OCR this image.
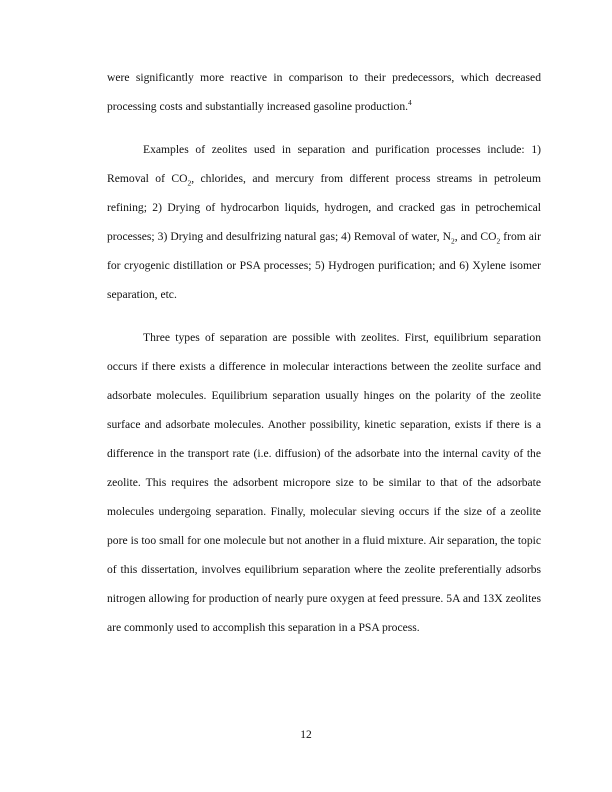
were significantly more reactive in comparison to their predecessors, which decreased processing costs and substantially increased gasoline production.$^4$

Examples of zeolites used in separation and purification processes include: 1) Removal of $CO_2$, chlorides, and mercury from different process streams in petroleum refining; 2) Drying of hydrocarbon liquids, hydrogen, and cracked gas in petrochemical processes; 3) Drying and desulfrizing natural gas; 4) Removal of water, $N_2$, and $CO_2$ from air for cryogenic distillation or PSA processes; 5) Hydrogen purification; and 6) Xylene isomer separation, etc.

Three types of separation are possible with zeolites. First, equilibrium separation occurs if there exists a difference in molecular interactions between the zeolite surface and adsorbate molecules. Equilibrium separation usually hinges on the polarity of the zeolite surface and adsorbate molecules. Another possibility, kinetic separation, exists if there is a difference in the transport rate (i.e. diffusion) of the adsorbate into the internal cavity of the zeolite. This requires the adsorbent micropore size to be similar to that of the adsorbate molecules undergoing separation. Finally, molecular sieving occurs if the size of a zeolite pore is too small for one molecule but not another in a fluid mixture. Air separation, the topic of this dissertation, involves equilibrium separation where the zeolite preferentially adsorbs nitrogen allowing for production of nearly pure oxygen at feed pressure. 5A and 13X zeolites are commonly used to accomplish this separation in a PSA process.

12
